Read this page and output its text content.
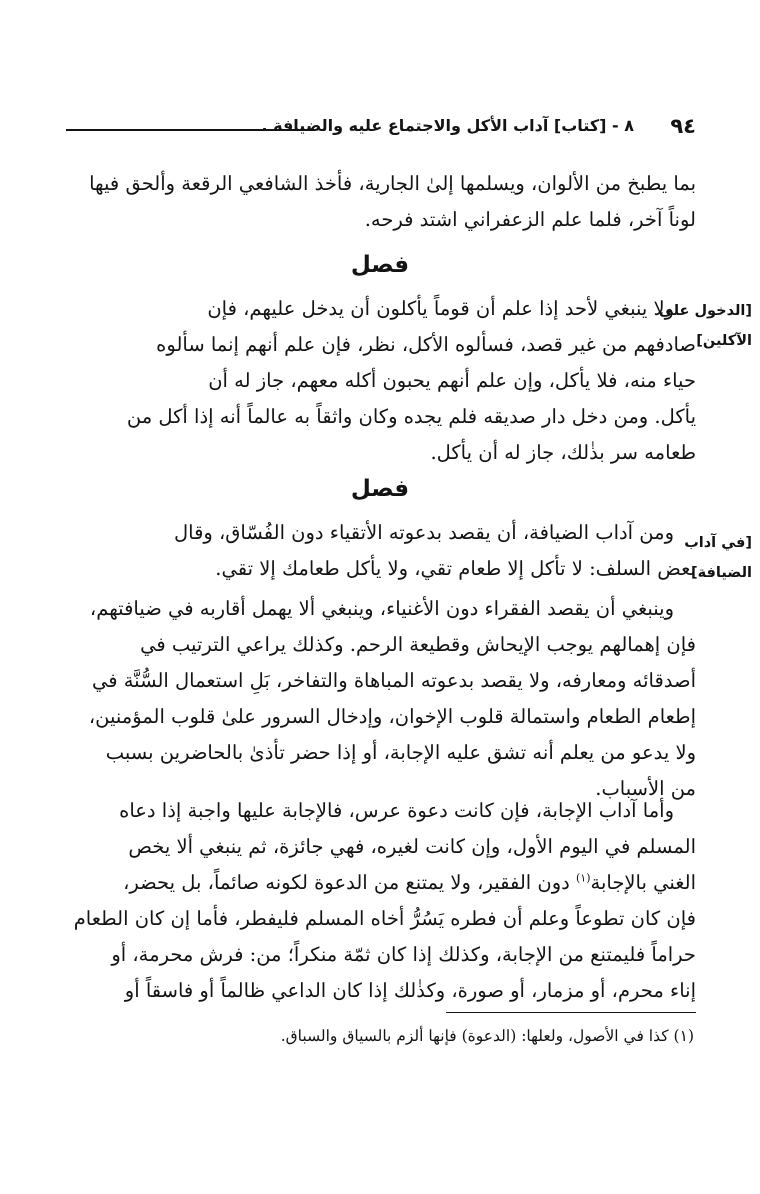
٩٤
٨ - [كتاب] آداب الأكل والاجتماع عليه والضيافة .
بما يطبخ من الألوان، ويسلمها إلىٰ الجارية، فأخذ الشافعي الرقعة وألحق فيها
لوناً آخر، فلما علم الزعفراني اشتد فرحه.
فصل
[الدخول على
الآكلين]
ولا ينبغي لأحد إذا علم أن قوماً يأكلون أن يدخل عليهم، فإن
صادفهم من غير قصد، فسألوه الأكل، نظر، فإن علم أنهم إنما سألوه
حياء منه، فلا يأكل، وإن علم أنهم يحبون أكله معهم، جاز له أن
يأكل. ومن دخل دار صديقه فلم يجده وكان واثقاً به عالماً أنه إذا أكل من
طعامه سر بذٰلك، جاز له أن يأكل.
فصل
[في آداب
الضيافة]
ومن آداب الضيافة، أن يقصد بدعوته الأتقياء دون الفُسّاق، وقال
بعض السلف: لا تأكل إلا طعام تقي، ولا يأكل طعامك إلا تقي.
وينبغي أن يقصد الفقراء دون الأغنياء، وينبغي ألا يهمل أقاربه في ضيافتهم،
فإن إهمالهم يوجب الإيحاش وقطيعة الرحم. وكذلك يراعي الترتيب في
أصدقائه ومعارفه، ولا يقصد بدعوته المباهاة والتفاخر، بَلِ استعمال السُّنَّة في
إطعام الطعام واستمالة قلوب الإخوان، وإدخال السرور علىٰ قلوب المؤمنين،
ولا يدعو من يعلم أنه تشق عليه الإجابة، أو إذا حضر تأذىٰ بالحاضرين بسبب
من الأسباب.
وأما آداب الإجابة، فإن كانت دعوة عرس، فالإجابة عليها واجبة إذا دعاه
المسلم في اليوم الأول، وإن كانت لغيره، فهي جائزة، ثم ينبغي ألا يخص
الغني بالإجابة$^{(١)}$ دون الفقير، ولا يمتنع من الدعوة لكونه صائماً، بل يحضر،
فإن كان تطوعاً وعلم أن فطره يَسُرُّ أخاه المسلم فليفطر، فأما إن كان الطعام
حراماً فليمتنع من الإجابة، وكذلك إذا كان ثمّة منكراً؛ من: فرش محرمة، أو
إناء محرم، أو مزمار، أو صورة، وكذٰلك إذا كان الداعي ظالماً أو فاسقاً أو

(١) كذا في الأصول، ولعلها: (الدعوة) فإنها ألزم بالسياق والسباق.
